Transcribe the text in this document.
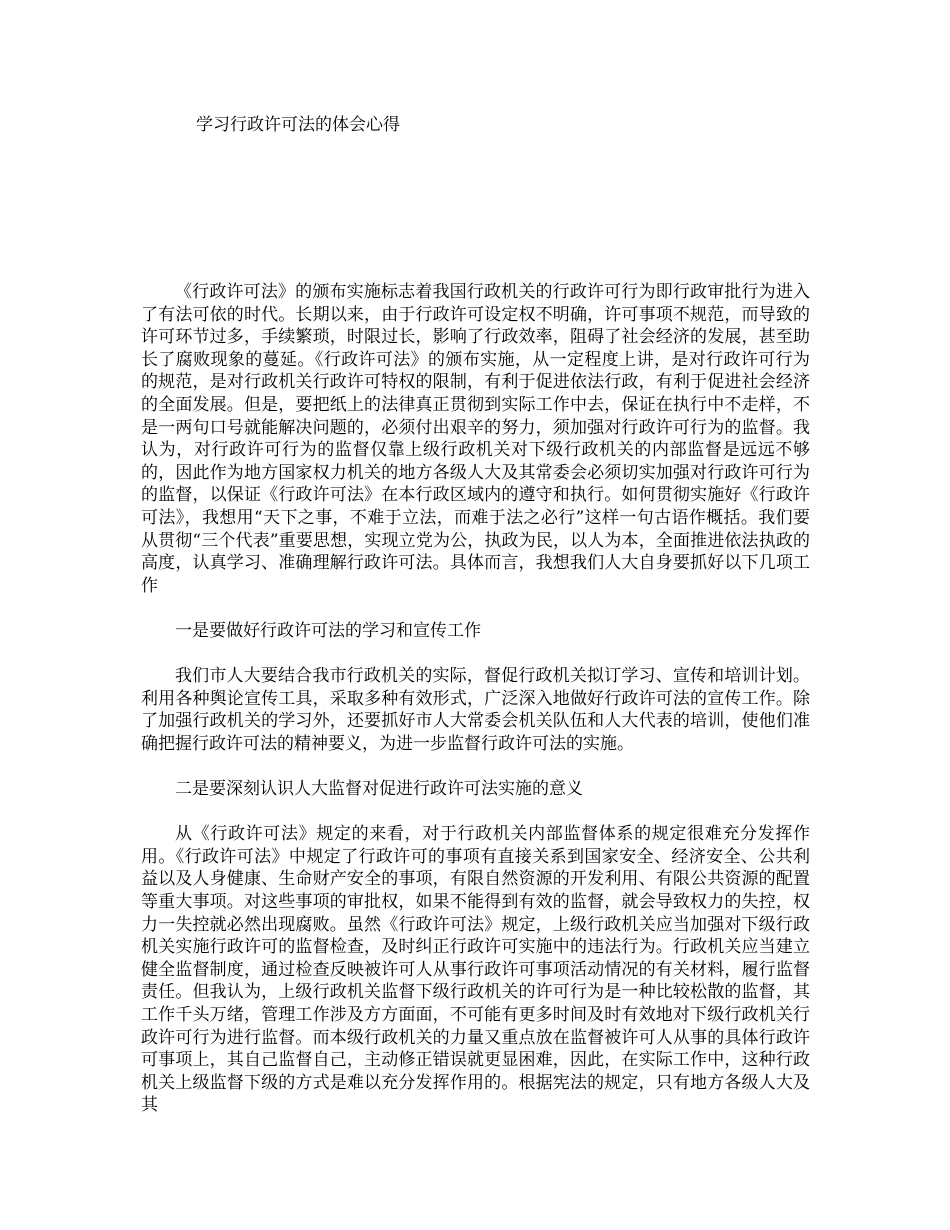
学习行政许可法的体会心得

《行政许可法》的颁布实施标志着我国行政机关的行政许可行为即行政审批行为进入了有法可依的时代。长期以来，由于行政许可设定权不明确，许可事项不规范，而导致的许可环节过多，手续繁琐，时限过长，影响了行政效率，阻碍了社会经济的发展，甚至助长了腐败现象的蔓延。《行政许可法》的颁布实施，从一定程度上讲，是对行政许可行为的规范，是对行政机关行政许可特权的限制，有利于促进依法行政，有利于促进社会经济的全面发展。但是，要把纸上的法律真正贯彻到实际工作中去，保证在执行中不走样，不是一两句口号就能解决问题的，必须付出艰辛的努力，须加强对行政许可行为的监督。我认为，对行政许可行为的监督仅靠上级行政机关对下级行政机关的内部监督是远远不够的，因此作为地方国家权力机关的地方各级人大及其常委会必须切实加强对行政许可行为的监督，以保证《行政许可法》在本行政区域内的遵守和执行。如何贯彻实施好《行政许可法》，我想用“天下之事，不难于立法，而难于法之必行”这样一句古语作概括。我们要从贯彻“三个代表”重要思想，实现立党为公，执政为民，以人为本，全面推进依法执政的高度，认真学习、准确理解行政许可法。具体而言，我想我们人大自身要抓好以下几项工作

一是要做好行政许可法的学习和宣传工作

我们市人大要结合我市行政机关的实际，督促行政机关拟订学习、宣传和培训计划。利用各种舆论宣传工具，采取多种有效形式，广泛深入地做好行政许可法的宣传工作。除了加强行政机关的学习外，还要抓好市人大常委会机关队伍和人大代表的培训，使他们准确把握行政许可法的精神要义，为进一步监督行政许可法的实施。

二是要深刻认识人大监督对促进行政许可法实施的意义

从《行政许可法》规定的来看，对于行政机关内部监督体系的规定很难充分发挥作用。《行政许可法》中规定了行政许可的事项有直接关系到国家安全、经济安全、公共利益以及人身健康、生命财产安全的事项，有限自然资源的开发利用、有限公共资源的配置等重大事项。对这些事项的审批权，如果不能得到有效的监督，就会导致权力的失控，权力一失控就必然出现腐败。虽然《行政许可法》规定，上级行政机关应当加强对下级行政机关实施行政许可的监督检查，及时纠正行政许可实施中的违法行为。行政机关应当建立健全监督制度，通过检查反映被许可人从事行政许可事项活动情况的有关材料，履行监督责任。但我认为，上级行政机关监督下级行政机关的许可行为是一种比较松散的监督，其工作千头万绪，管理工作涉及方方面面，不可能有更多时间及时有效地对下级行政机关行政许可行为进行监督。而本级行政机关的力量又重点放在监督被许可人从事的具体行政许可事项上，其自己监督自己，主动修正错误就更显困难，因此，在实际工作中，这种行政机关上级监督下级的方式是难以充分发挥作用的。根据宪法的规定，只有地方各级人大及其
